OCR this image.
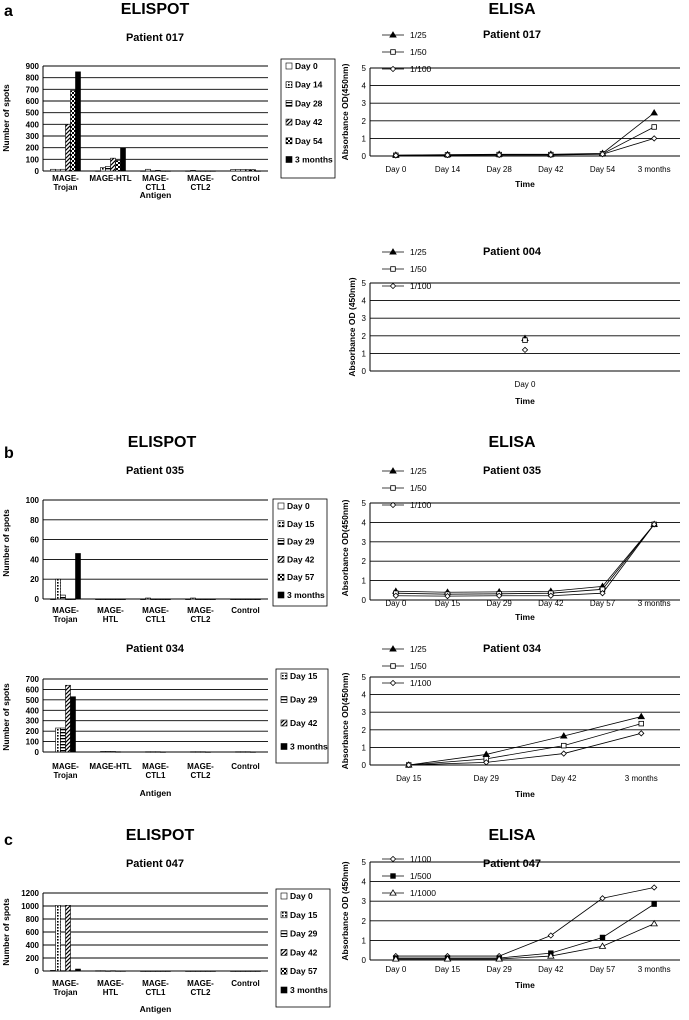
a
b
c
ELISPOT	ELISA
ELISPOT	ELISA
ELISPOT	ELISA
Patient 017
0
100
200
300
400
500
600
700
800
900
Number of spots
Antigen
MAGE-Trojan
MAGE-HTL MAGE-CTL1
MAGE-CTL2
Control
Day 0
Day 14
Day 28
Day 42
Day 54
3 months
Patient 017
0
1
2
3
4
5
Absorbance OD(450nm)
Time
Day 0	Day 14	Day 28	Day 42	Day 54	3 months
1/25
1/50
1/100
Patient 004
0
1
2
3
4
5
Absorbance OD (450nm)
Time
Day 0
1/25
1/50
1/100
Patient 035
0
20
40
60
80
100
Number of spots
MAGE-Trojan
MAGE-HTL
MAGE-CTL1
MAGE-CTL2
Control
Day 0
Day 15
Day 29
Day 42
Day 57
3 months
Patient 035
0
1
2
3
4
5
Absorbance OD(450nm)
Time
Day 0	Day 15	Day 29	Day 42	Day 57	3 months
1/25
1/50
1/100
Patient 034
0
100
200
300
400
500
600
700
Number of spots
Antigen
MAGE-Trojan
MAGE-HTL MAGE-CTL1
MAGE-CTL2
Control
Day 15
Day 29
Day 42
3 months
Patient 034
0
1
2
3
4
5
Absorbance OD(450nm)
Time
Day 15	Day 29	Day 42	3 months
1/25
1/50
1/100
Patient 047
0
200
400
600
800
1000
1200
Number of spots
Antigen
MAGE-Trojan
MAGE-HTL
MAGE-CTL1
MAGE-CTL2
Control
Day 0
Day 15
Day 29
Day 42
Day 57
3 months
Patient 047
0
1
2
3
4
5
Absorbance OD (450nm)
Time
Day 0	Day 15	Day 29	Day 42	Day 57	3 months
1/100
1/500
1/1000
